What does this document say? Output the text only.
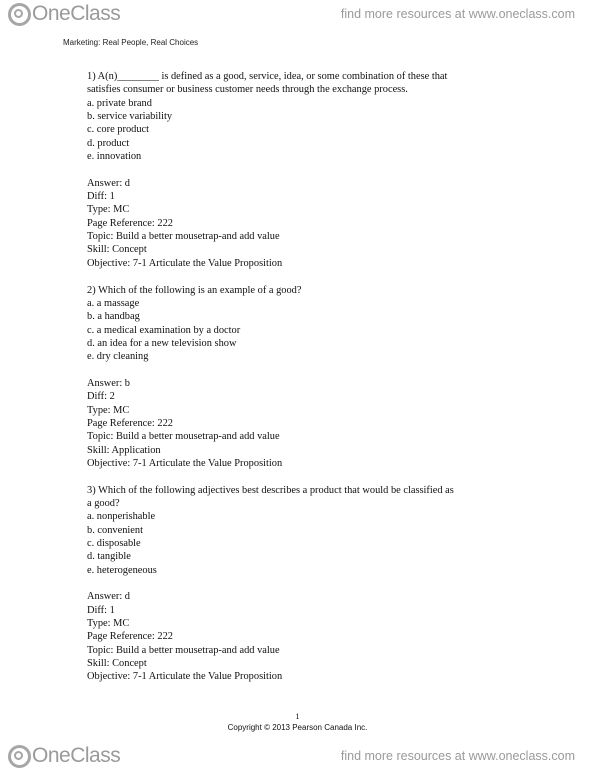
OneClass	find more resources at www.oneclass.com
Marketing: Real People, Real Choices
1) A(n)________ is defined as a good, service, idea, or some combination of these that
satisfies consumer or business customer needs through the exchange process.
a. private brand
b. service variability
c. core product
d. product
e. innovation
Answer: d
Diff: 1
Type: MC
Page Reference: 222
Topic: Build a better mousetrap-and add value
Skill: Concept
Objective: 7-1 Articulate the Value Proposition
2) Which of the following is an example of a good?
a. a massage
b. a handbag
c. a medical examination by a doctor
d. an idea for a new television show
e. dry cleaning
Answer: b
Diff: 2
Type: MC
Page Reference: 222
Topic: Build a better mousetrap-and add value
Skill: Application
Objective: 7-1 Articulate the Value Proposition
3) Which of the following adjectives best describes a product that would be classified as
a good?
a. nonperishable
b. convenient
c. disposable
d. tangible
e. heterogeneous
Answer: d
Diff: 1
Type: MC
Page Reference: 222
Topic: Build a better mousetrap-and add value
Skill: Concept
Objective: 7-1 Articulate the Value Proposition
1
Copyright © 2013 Pearson Canada Inc.
OneClass	find more resources at www.oneclass.com
